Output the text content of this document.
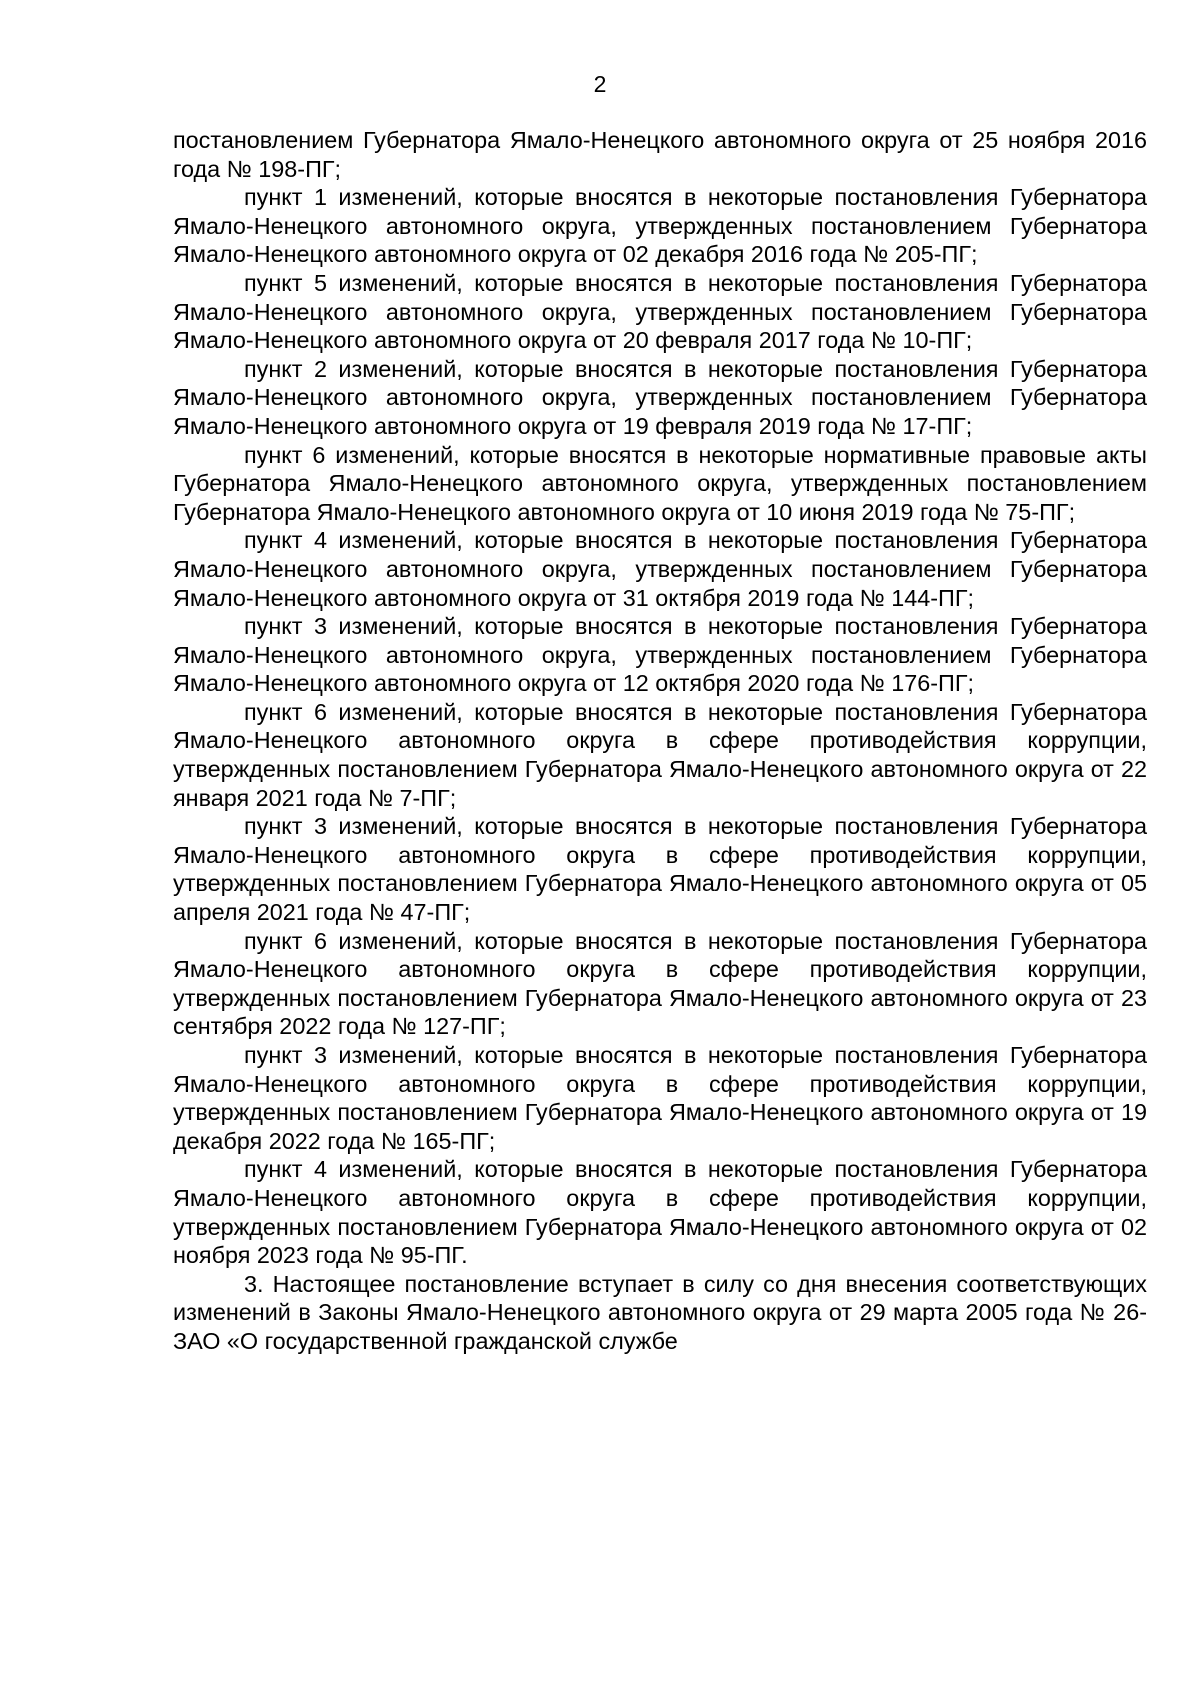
2

постановлением Губернатора Ямало-Ненецкого автономного округа от 25 ноября 2016 года № 198-ПГ;

пункт 1 изменений, которые вносятся в некоторые постановления Губернатора Ямало-Ненецкого автономного округа, утвержденных постановлением Губернатора Ямало-Ненецкого автономного округа от 02 декабря 2016 года № 205-ПГ;

пункт 5 изменений, которые вносятся в некоторые постановления Губернатора Ямало-Ненецкого автономного округа, утвержденных постановлением Губернатора Ямало-Ненецкого автономного округа от 20 февраля 2017 года № 10-ПГ;

пункт 2 изменений, которые вносятся в некоторые постановления Губернатора Ямало-Ненецкого автономного округа, утвержденных постановлением Губернатора Ямало-Ненецкого автономного округа от 19 февраля 2019 года № 17-ПГ;

пункт 6 изменений, которые вносятся в некоторые нормативные правовые акты Губернатора Ямало-Ненецкого автономного округа, утвержденных постановлением Губернатора Ямало-Ненецкого автономного округа от 10 июня 2019 года № 75-ПГ;

пункт 4 изменений, которые вносятся в некоторые постановления Губернатора Ямало-Ненецкого автономного округа, утвержденных постановлением Губернатора Ямало-Ненецкого автономного округа от 31 октября 2019 года № 144-ПГ;

пункт 3 изменений, которые вносятся в некоторые постановления Губернатора Ямало-Ненецкого автономного округа, утвержденных постановлением Губернатора Ямало-Ненецкого автономного округа от 12 октября 2020 года № 176-ПГ;

пункт 6 изменений, которые вносятся в некоторые постановления Губернатора Ямало-Ненецкого автономного округа в сфере противодействия коррупции, утвержденных постановлением Губернатора Ямало-Ненецкого автономного округа от 22 января 2021 года № 7-ПГ;

пункт 3 изменений, которые вносятся в некоторые постановления Губернатора Ямало-Ненецкого автономного округа в сфере противодействия коррупции, утвержденных постановлением Губернатора Ямало-Ненецкого автономного округа от 05 апреля 2021 года № 47-ПГ;

пункт 6 изменений, которые вносятся в некоторые постановления Губернатора Ямало-Ненецкого автономного округа в сфере противодействия коррупции, утвержденных постановлением Губернатора Ямало-Ненецкого автономного округа от 23 сентября 2022 года № 127-ПГ;

пункт 3 изменений, которые вносятся в некоторые постановления Губернатора Ямало-Ненецкого автономного округа в сфере противодействия коррупции, утвержденных постановлением Губернатора Ямало-Ненецкого автономного округа от 19 декабря 2022 года № 165-ПГ;

пункт 4 изменений, которые вносятся в некоторые постановления Губернатора Ямало-Ненецкого автономного округа в сфере противодействия коррупции, утвержденных постановлением Губернатора Ямало-Ненецкого автономного округа от 02 ноября 2023 года № 95-ПГ.

3. Настоящее постановление вступает в силу со дня внесения соответствующих изменений в Законы Ямало-Ненецкого автономного округа от 29 марта 2005 года № 26-ЗАО «О государственной гражданской службе
